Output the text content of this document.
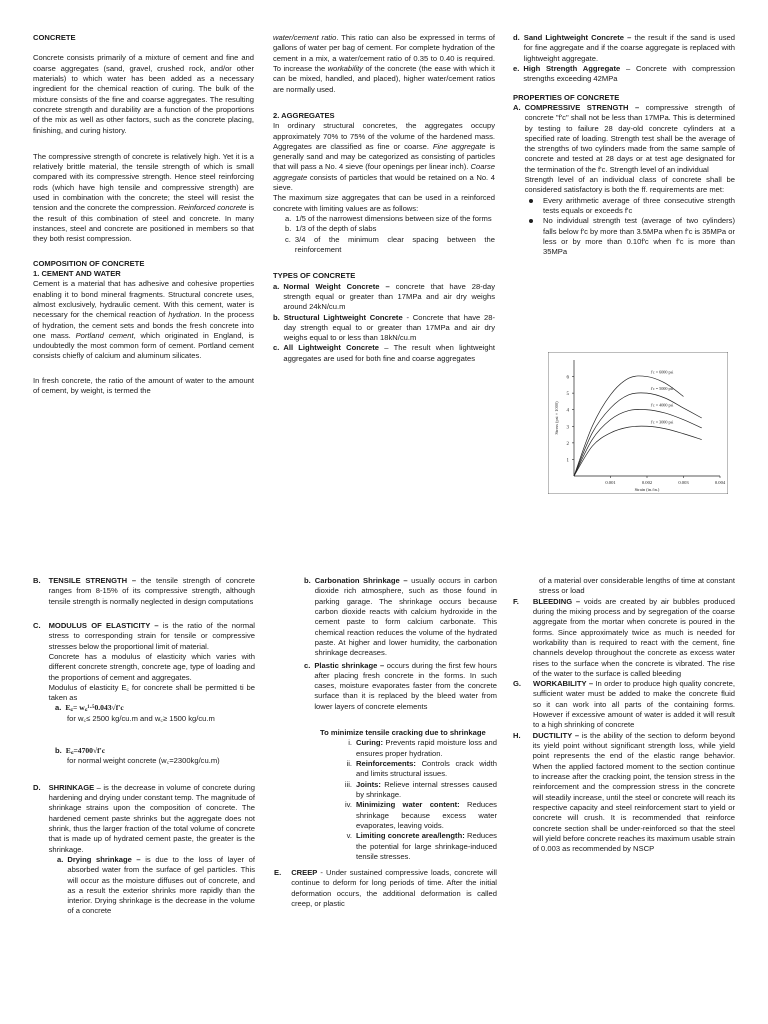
CONCRETE

Concrete consists primarily of a mixture of cement and fine and coarse aggregates (sand, gravel, crushed rock, and/or other materials) to which water has been added as a necessary ingredient for the chemical reaction of curing. The bulk of the mixture consists of the fine and coarse aggregates. The resulting concrete strength and durability are a function of the proportions of the mix as well as other factors, such as the concrete placing, finishing, and curing history.

The compressive strength of concrete is relatively high. Yet it is a relatively brittle material, the tensile strength of which is small compared with its compressive strength. Hence steel reinforcing rods (which have high tensile and compressive strength) are used in combination with the concrete; the steel will resist the tension and the concrete the compression. Reinforced concrete is the result of this combination of steel and concrete. In many instances, steel and concrete are positioned in members so that they both resist compression.

COMPOSITION OF CONCRETE

1. CEMENT AND WATER

Cement is a material that has adhesive and cohesive properties enabling it to bond mineral fragments. Structural concrete uses, almost exclusively, hydraulic cement. With this cement, water is necessary for the chemical reaction of hydration. In the process of hydration, the cement sets and bonds the fresh concrete into one mass. Portland cement, which originated in England, is undoubtedly the most common form of cement. Portland cement consists chiefly of calcium and aluminum silicates.

In fresh concrete, the ratio of the amount of water to the amount of cement, by weight, is termed the

water/cement ratio. This ratio can also be expressed in terms of gallons of water per bag of cement. For complete hydration of the cement in a mix, a water/cement ratio of 0.35 to 0.40 is required. To increase the workability of the concrete (the ease with which it can be mixed, handled, and placed), higher water/cement ratios are normally used.

2. AGGREGATES

In ordinary structural concretes, the aggregates occupy approximately 70% to 75% of the volume of the hardened mass. Aggregates are classified as fine or coarse. Fine aggregate is generally sand and may be categorized as consisting of particles that will pass a No. 4 sieve (four openings per linear inch). Coarse aggregate consists of particles that would be retained on a No. 4 sieve.

The maximum size aggregates that can be used in a reinforced concrete with limiting values are as follows:

a. 1/5 of the narrowest dimensions between size of the forms
b. 1/3 of the depth of slabs
c. 3/4 of the minimum clear spacing between the reinforcement

TYPES OF CONCRETE

a. Normal Weight Concrete – concrete that have 28-day strength equal or greater than 17MPa and air dry weighs around 24kN/cu.m
b. Structural Lightweight Concrete - Concrete that have 28-day strength equal to or greater than 17MPa and air dry weighs equal to or less than 18kN/cu.m
c. All Lightweight Concrete – The result when lightweight aggregates are used for both fine and coarse aggregates
d. Sand Lightweight Concrete – the result if the sand is used for fine aggregate and if the coarse aggregate is replaced with lightweight aggregate.
e. High Strength Aggregate – Concrete with compression strengths exceeding 42MPa

PROPERTIES OF CONCRETE

A. COMPRESSIVE STRENGTH – compressive strength of concrete "f'c" shall not be less than 17MPa. This is determined by testing to failure 28 day-old concrete cylinders at a specified rate of loading. Strength test shall be the average of the strengths of two cylinders made from the same sample of concrete and tested at 28 days or at test age designated for the termination of the f'c. Strength level of an individual
Strength level of an individual class of concrete shall be considered satisfactory is both the ff. requirements are met:
Every arithmetic average of three consecutive strength tests equals or exceeds f'c
No individual strength test (average of two cylinders) falls below f'c by more than 3.5MPa when f'c is 35MPa or less or by more than 0.10f'c when f'c is more than 35MPa
1
2
3
4
5
6
0.001	0.002	0.003	0.004
Strain (in./in.)
Stress (psi × 1000)
f'c = 6000 psi
f'c = 5000 psi
f'c = 4000 psi
f'c = 3000 psi
B.	TENSILE STRENGTH – the tensile strength of concrete ranges from 8-15% of its compressive strength, although tensile strength is normally neglected in design computations
C.	MODULUS OF ELASTICITY – is the ratio of the normal stress to corresponding strain for tensile or compressive stresses below the proportional limit of material.
Concrete has a modulus of elasticity which varies with different concrete strength, concrete age, type of loading and the proportions of cement and aggregates.
Modulus of elasticity E꜀ for concrete shall be permitted ti be taken as
a. E꜀= w꜀¹·⁵0.043√f'c
for w꜀≤ 2500 kg/cu.m and w꜀≥ 1500 kg/cu.m
b. E꜀=4700√f'c
for normal weight concrete (w꜀=2300kg/cu.m)
D.	SHRINKAGE – is the decrease in volume of concrete during hardening and drying under constant temp. The magnitude of shrinkage strains upon the composition of concrete. The hardened cement paste shrinks but the aggregate does not shrink, thus the larger fraction of the total volume of concrete that is made up of hydrated cement paste, the greater is the shrinkage.
a. Drying shrinkage – is due to the loss of layer of absorbed water from the surface of gel particles. This will occur as the moisture diffuses out of concrete, and as a result the exterior shrinks more rapidly than the interior. Drying shrinkage is the decrease in the volume of a concrete
b. Carbonation Shrinkage – usually occurs in carbon dioxide rich atmosphere, such as those found in parking garage. The shrinkage occurs because carbon dioxide reacts with calcium hydroxide in the cement paste to form calcium carbonate. This chemical reaction reduces the volume of the hydrated paste. At higher and lower humidity, the carbonation shrinkage decreases.
c. Plastic shrinkage – occurs during the first few hours after placing fresh concrete in the forms. In such cases, moisture evaporates faster from the concrete surface than it is replaced by the bleed water from lower layers of concrete elements

To minimize tensile cracking due to shrinkage

i. Curing: Prevents rapid moisture loss and ensures proper hydration.
ii. Reinforcements: Controls crack width and limits structural issues.
iii. Joints: Relieve internal stresses caused by shrinkage.
iv. Minimizing water content: Reduces shrinkage because excess water evaporates, leaving voids.
v. Limiting concrete area/length: Reduces the potential for large shrinkage-induced tensile stresses.
E.	CREEP - Under sustained compressive loads, concrete will continue to deform for long periods of time. After the initial deformation occurs, the additional deformation is called creep, or plastic
of a material over considerable lengths of time at constant stress or load
F.	BLEEDING – voids are created by air bubbles produced during the mixing process and by segregation of the coarse aggregate from the mortar when concrete is poured in the forms. Since approximately twice as much is needed for workability than is required to react with the cement, fine channels develop throughout the concrete as excess water rises to the surface when the concrete is vibrated. The rise of the water to the surface is called bleeding
G.	WORKABILITY – In order to produce high quality concrete, sufficient water must be added to make the concrete fluid so it can work into all parts of the containing forms. However if excessive amount of water is added it will result to a high shrinking of concrete
H.	DUCTILITY – is the ability of the section to deform beyond its yield point without significant strength loss, while yield point represents the end of the elastic range behavior. When the applied factored moment to the section continue to increase after the cracking point, the tension stress in the reinforcement and the compression stress in the concrete will steadily increase, until the steel or concrete will reach its respective capacity and steel reinforcement start to yield or concrete will crush. It is recommended that reinforce concrete section shall be under-reinforced so that the steel will yield before concrete reaches its maximum usable strain of 0.003 as recommended by NSCP
